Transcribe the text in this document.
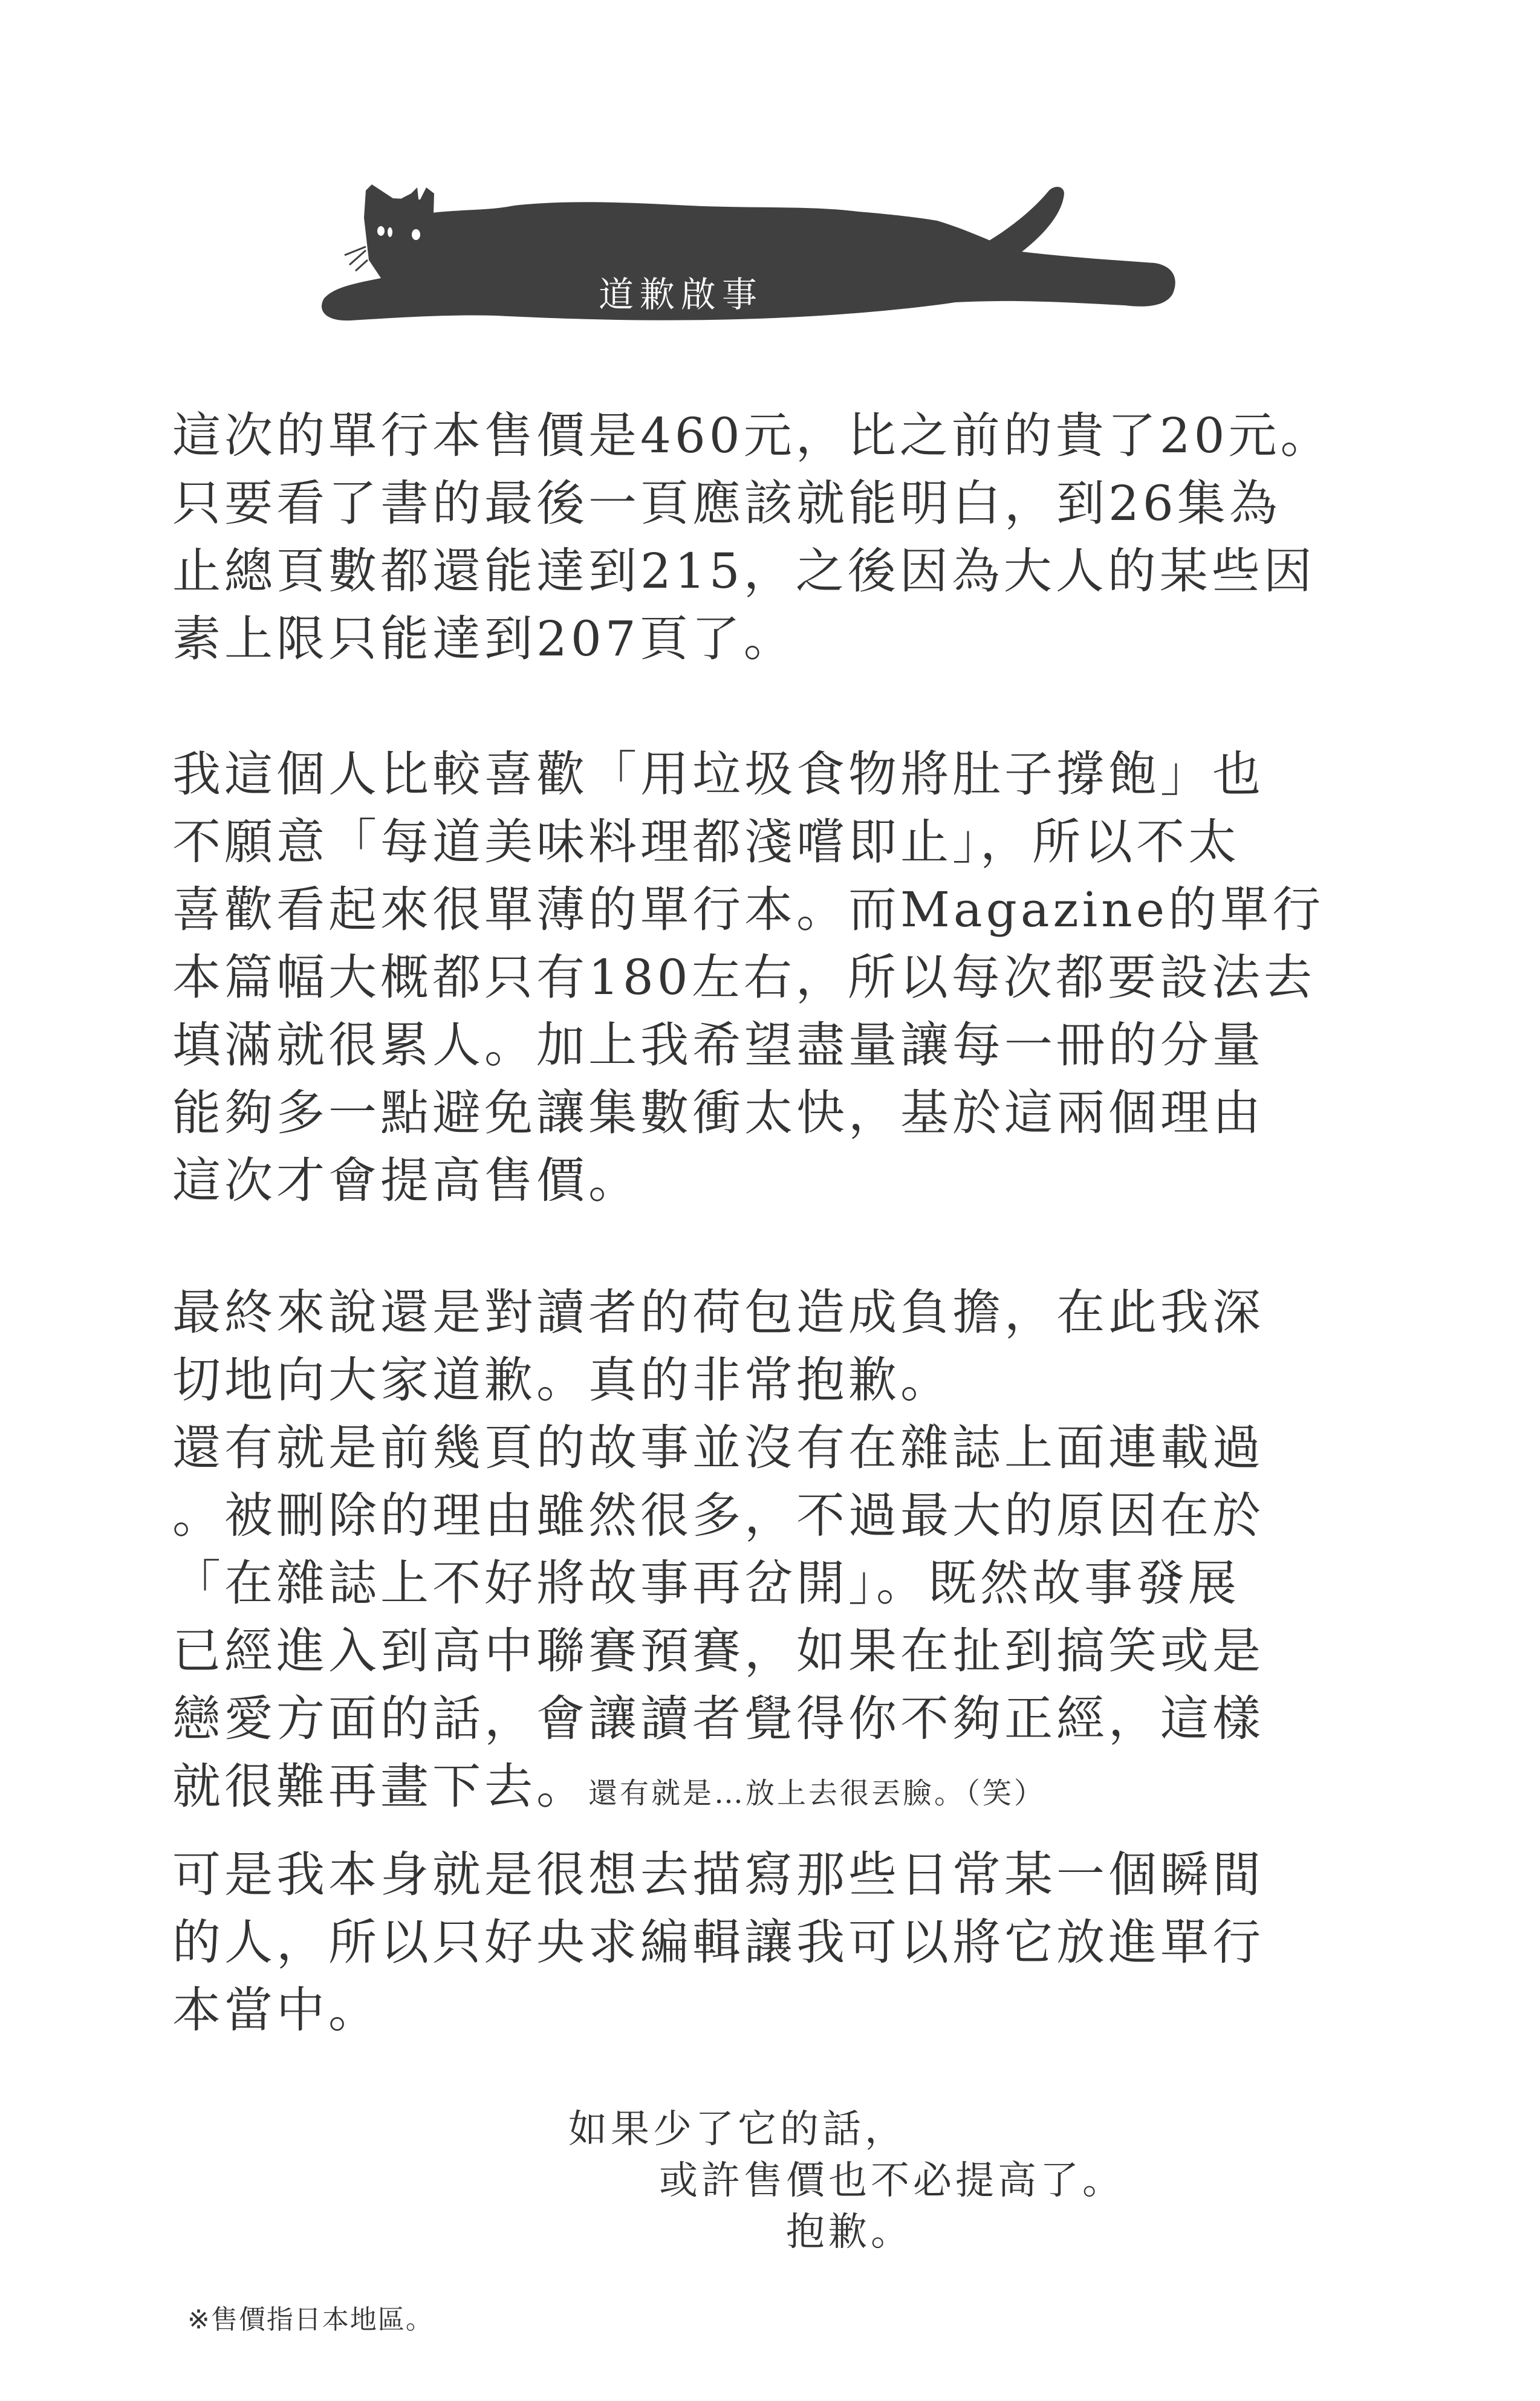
道歉啟事
這次的單行本售價是460元，比之前的貴了20元。
只要看了書的最後一頁應該就能明白，到26集為
止總頁數都還能達到215，之後因為大人的某些因
素上限只能達到207頁了。
我這個人比較喜歡「用垃圾食物將肚子撐飽」也
不願意「每道美味料理都淺嚐即止」，所以不太
喜歡看起來很單薄的單行本。而Magazine的單行
本篇幅大概都只有180左右，所以每次都要設法去
填滿就很累人。加上我希望盡量讓每一冊的分量
能夠多一點避免讓集數衝太快，基於這兩個理由
這次才會提高售價。
最終來說還是對讀者的荷包造成負擔，在此我深
切地向大家道歉。真的非常抱歉。
還有就是前幾頁的故事並沒有在雜誌上面連載過
。被刪除的理由雖然很多，不過最大的原因在於
「在雜誌上不好將故事再岔開」。既然故事發展
已經進入到高中聯賽預賽，如果在扯到搞笑或是
戀愛方面的話，會讓讀者覺得你不夠正經，這樣
就很難再畫下去。還有就是…放上去很丟臉。（笑）
可是我本身就是很想去描寫那些日常某一個瞬間
的人，所以只好央求編輯讓我可以將它放進單行
本當中。
如果少了它的話，
或許售價也不必提高了。
抱歉。
※售價指日本地區。
